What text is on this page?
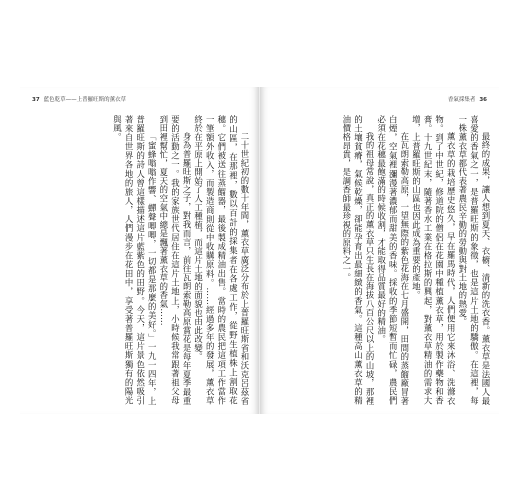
37 藍色乾草——上普羅旺斯的薰衣草

二十世紀初的數十年間，薰衣草廣泛分布於上普羅旺斯省和沃克呂茲省的山區，在那裡，數以百計的採集者在各處工作，從野生植株上割取花穗。它們被送往蒸餾器，最後製成精油出售。當時的農民把這項工作當作一筆額外收入，而製造商則從中收購原料。……經過多年的發展，薰衣草終於在平原上開始了人工種植，而這片土地的面貌也由此改變。

身為普羅旺斯之子，對我而言，前往瓦朗索勒高原賞花是每年夏季最重要的活動之一。我的家族世代居住在這片土地上，小時候我常跟著祖父母到田裡幫忙，夏天的空氣中總是飄著薰衣草的香氣……

「蜜蜂嗡嗡作響、蟬聲唧唧，一切都是那麼的美好。」一九一四年，上普羅旺斯的詩人曾這樣描述這片藍紫色的田野。今天，這片景色依然吸引著來自世界各地的旅人，人們漫步在花田中，享受著普羅旺斯獨有的陽光與風。

香氣採集者 36

最終的成果，讓人想到夏天、衣櫥、清新的洗衣香。薰衣草是法國人最喜愛的香氣之一，是普羅旺斯的象徵，也是這片土地的驕傲。在這裡，每一株薰衣草都代表著農民辛勤的勞動與對土地的熱愛。

薰衣草的栽培歷史悠久，早在羅馬時代，人們便用它來沐浴、洗滌衣物。到了中世紀，修道院的僧侶在花園中種植薰衣草，用於製作藥物和香膏。十九世紀末，隨著香水工業在格拉斯的興起，對薰衣草精油的需求大增，上普羅旺斯的山區也因此成為重要的產地。

在瓦朗索勒高原，一望無際的紫色花海在七月盛開，田間的蒸餾廠冒著白煙，空氣裡瀰漫著濃郁而甜美的香味。採收的季節短暫而忙碌，農民們必須在花穗最飽滿的時候收割，才能取得品質最好的精油。

我的祖母常說，真正的薰衣草只生長在海拔八百公尺以上的山坡，那裡的土壤貧瘠，氣候乾燥，卻能孕育出最細緻的香氣。這種高山薰衣草的精油價格昂貴，是調香師最珍視的原料之一。
